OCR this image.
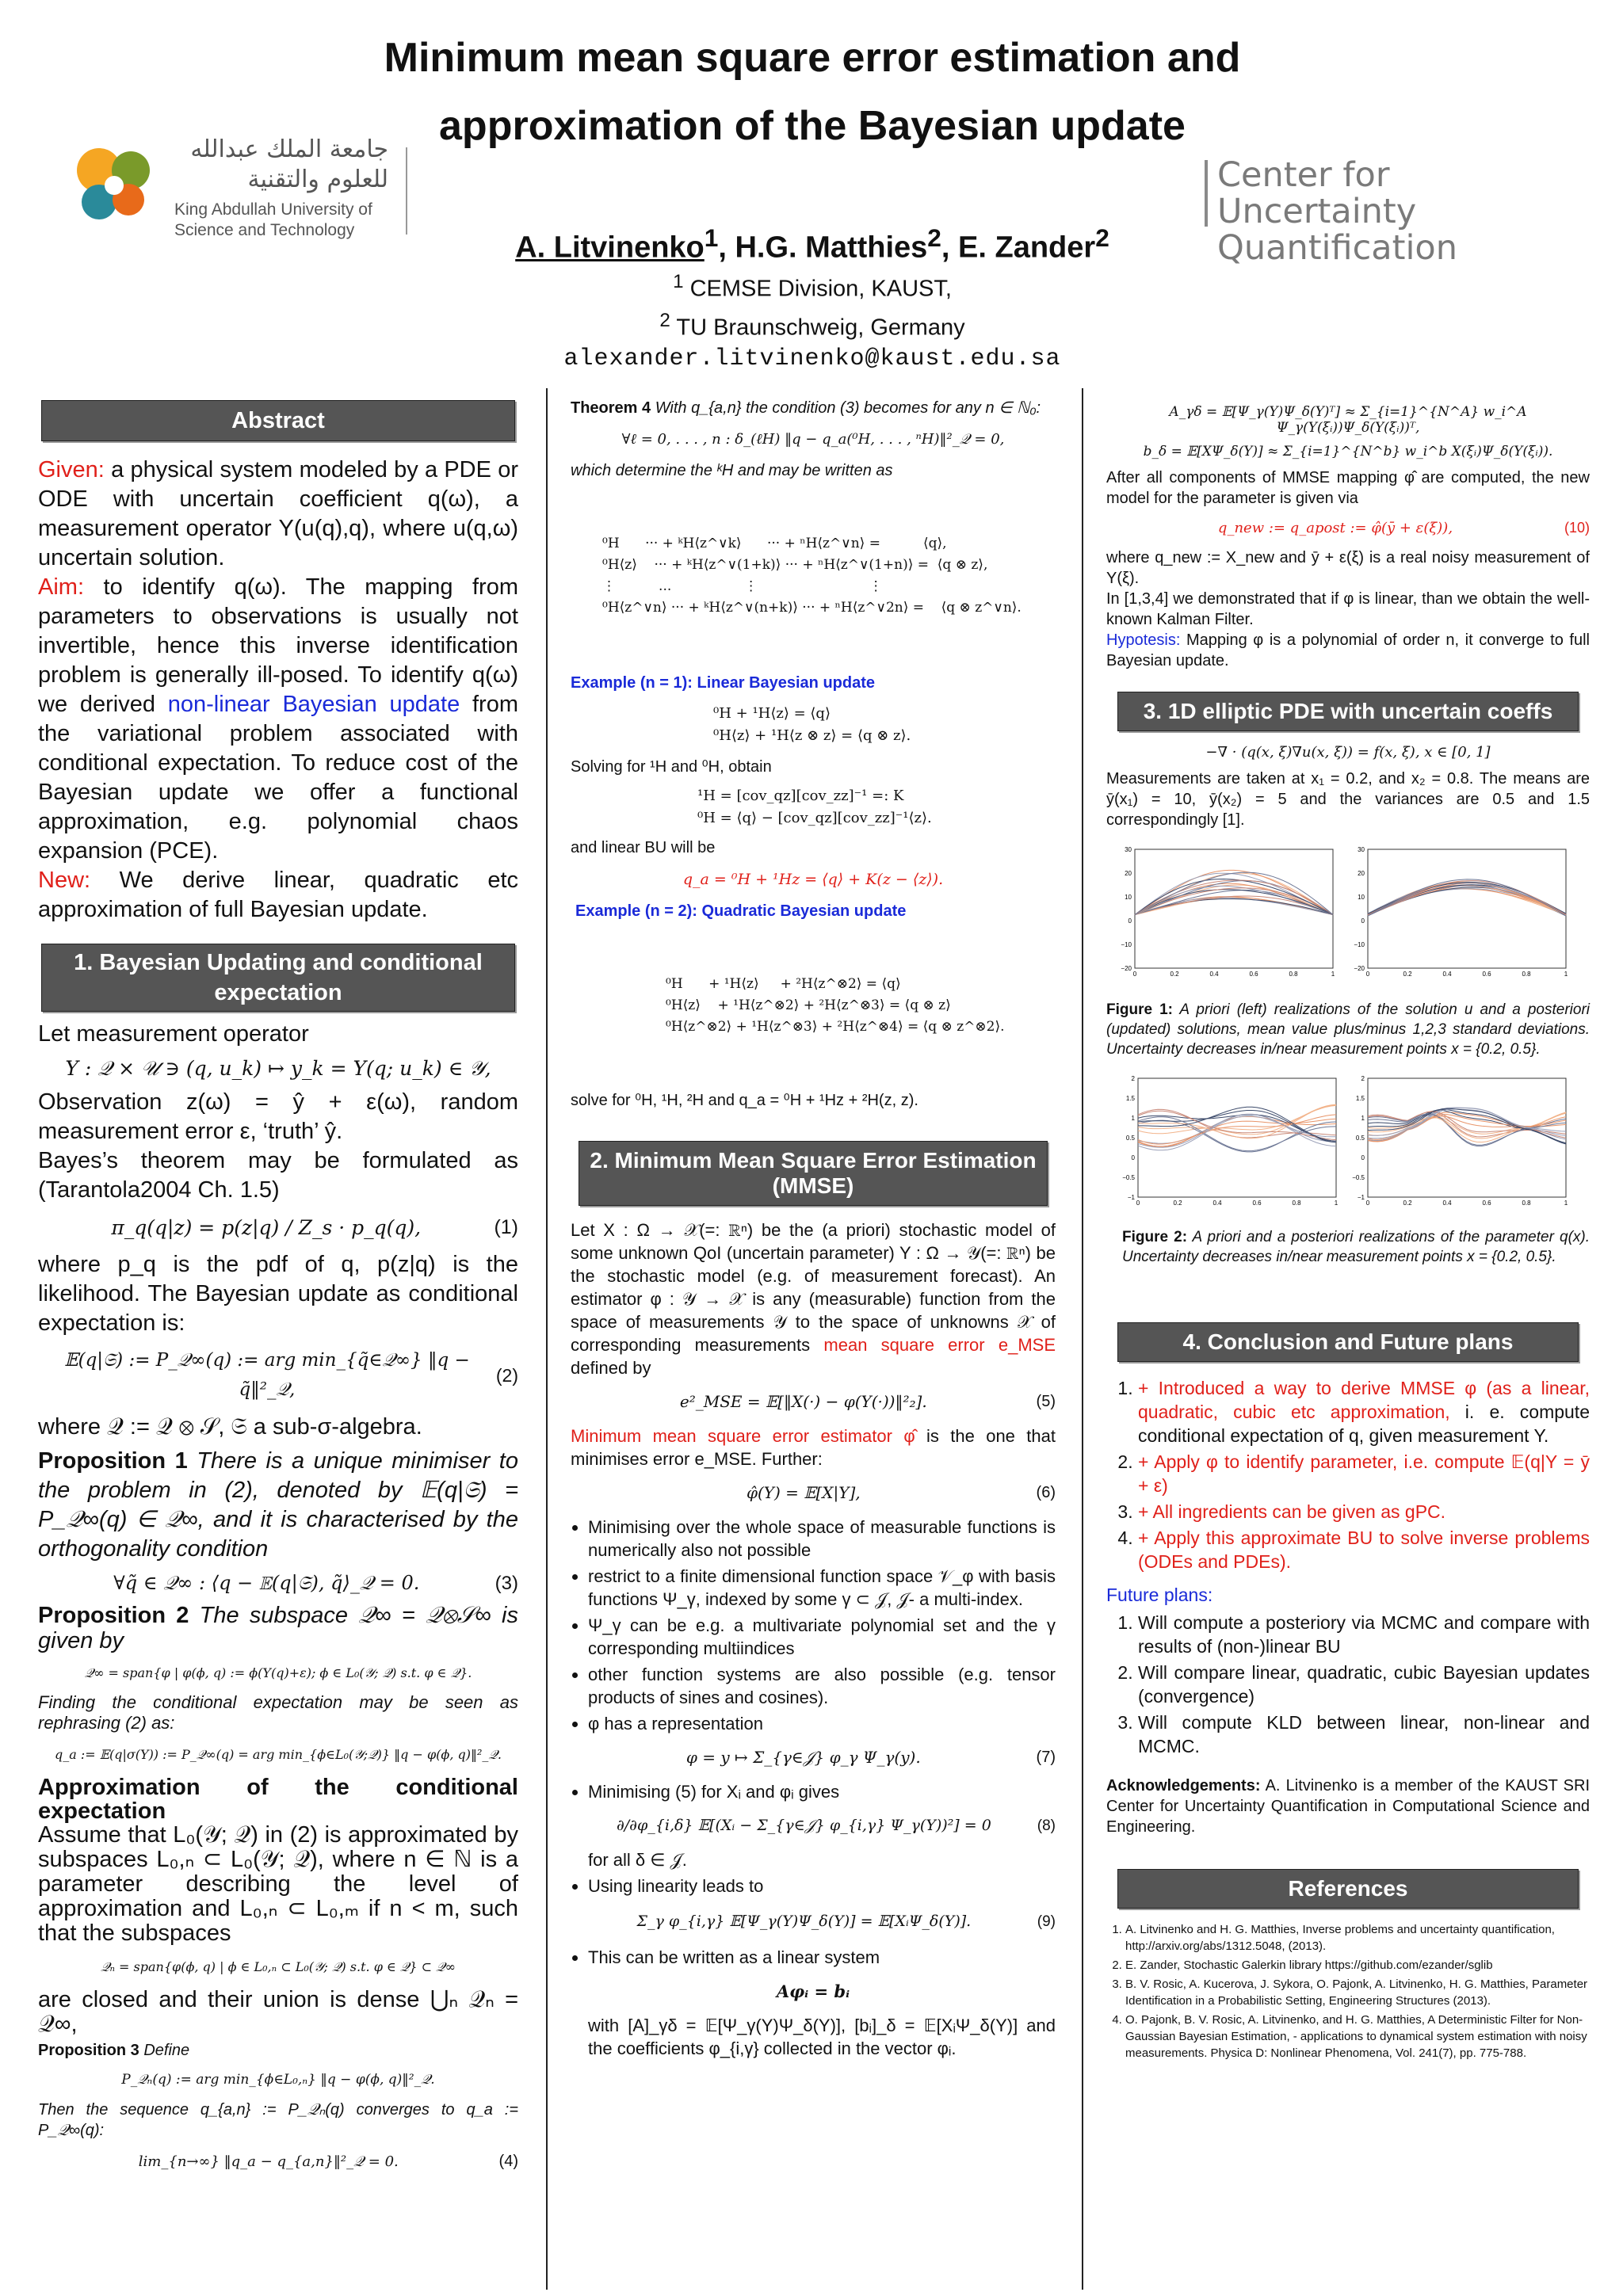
Minimum mean square error estimation and approximation of the Bayesian update
A. Litvinenko$^1$, H.G. Matthies$^2$, E. Zander$^2$
$^1$ CEMSE Division, KAUST,
$^2$ TU Braunschweig, Germany
alexander.litvinenko@kaust.edu.sa
جامعة الملك عبدالله للعلوم والتقنية
King Abdullah University of
Science and Technology
Center for Uncertainty
Quantification
Abstract
Given: a physical system modeled by a PDE or ODE with uncertain coefficient q(ω), a measurement operator Y(u(q),q), where u(q,ω) uncertain solution.
Aim: to identify q(ω). The mapping from parameters to observations is usually not invertible, hence this inverse identification problem is generally ill-posed. To identify q(ω) we derived non-linear Bayesian update from the variational problem associated with conditional expectation. To reduce cost of the Bayesian update we offer a functional approximation, e.g. polynomial chaos expansion (PCE).
New: We derive linear, quadratic etc approximation of full Bayesian update.
1. Bayesian Updating and conditional expectation
Let measurement operator
Y : 𝒬 × 𝒰 ∋ (q, u_k) ↦ y_k = Y(q; u_k) ∈ 𝒴,
Observation z(ω) = ŷ + ε(ω), random measurement error ε, ‘truth’ ŷ.
Bayes’s theorem may be formulated as (Tarantola2004 Ch. 1.5)
π_q(q|z) = p(z|q) / Z_s · p_q(q),	(1)
where p_q is the pdf of q, p(z|q) is the likelihood. The Bayesian update as conditional expectation is:
𝔼(q|𝔖) := P_𝒬∞(q) := arg min_{q̃∈𝒬∞} ‖q − q̃‖²_𝒬,
(2)
where 𝒬 := 𝒬 ⊗ 𝒮, 𝔖 a sub-σ-algebra.
Proposition 1 There is a unique minimiser to the problem in (2), denoted by 𝔼(q|𝔖) = P_𝒬∞(q) ∈ 𝒬∞, and it is characterised by the orthogonality condition
∀q̃ ∈ 𝒬∞ : ⟨q − 𝔼(q|𝔖), q̃⟩_𝒬 = 0.	(3)
Proposition 2 The subspace 𝒬∞ = 𝒬⊗𝒮∞ is given by
𝒬∞ = span{φ | φ(ϕ, q) := ϕ(Y(q)+ε); ϕ ∈ L₀(𝒴; 𝒬) s.t. φ ∈ 𝒬}.
Finding the conditional expectation may be seen as rephrasing (2) as:
q_a := 𝔼(q|σ(Y)) := P_𝒬∞(q) = arg min_{ϕ∈L₀(𝒴;𝒬)} ‖q − φ(ϕ, q)‖²_𝒬.
Approximation of the conditional expectation
Assume that L₀(𝒴; 𝒬) in (2) is approximated by subspaces L₀,ₙ ⊂ L₀(𝒴; 𝒬), where n ∈ ℕ is a parameter describing the level of approximation and L₀,ₙ ⊂ L₀,ₘ if n < m, such that the subspaces
𝒬ₙ = span{φ(ϕ, q) | ϕ ∈ L₀,ₙ ⊂ L₀(𝒴; 𝒬) s.t. φ ∈ 𝒬} ⊂ 𝒬∞
are closed and their union is dense ⋃ₙ 𝒬ₙ = 𝒬∞,
Proposition 3 Define
P_𝒬ₙ(q) := arg min_{ϕ∈L₀,ₙ} ‖q − φ(ϕ, q)‖²_𝒬.
Then the sequence q_{a,n} := P_𝒬ₙ(q) converges to q_a := P_𝒬∞(q):
lim_{n→∞} ‖q_a − q_{a,n}‖²_𝒬 = 0.	(4)
Theorem 4 With q_{a,n} the condition (3) becomes for any n ∈ ℕ₀:
∀ℓ = 0, . . . , n : δ_(ℓH) ‖q − q_a(⁰H, . . . , ⁿH)‖²_𝒬 = 0,
which determine the ᵏH and may be written as

⁰H      ··· + ᵏH⟨z^∨k⟩      ··· + ⁿH⟨z^∨n⟩ =          ⟨q⟩,
⁰H⟨z⟩    ··· + ᵏH⟨z^∨(1+k)⟩ ··· + ⁿH⟨z^∨(1+n)⟩ =  ⟨q ⊗ z⟩,
⋮          ...                 ⋮                          ⋮
⁰H⟨z^∨n⟩ ··· + ᵏH⟨z^∨(n+k)⟩ ··· + ⁿH⟨z^∨2n⟩ =    ⟨q ⊗ z^∨n⟩.

Example (n = 1): Linear Bayesian update
⁰H + ¹H⟨z⟩ = ⟨q⟩
⁰H⟨z⟩ + ¹H⟨z ⊗ z⟩ = ⟨q ⊗ z⟩.
Solving for ¹H and ⁰H, obtain
¹H = [cov_qz][cov_zz]⁻¹ =: K
⁰H = ⟨q⟩ − [cov_qz][cov_zz]⁻¹⟨z⟩.
and linear BU will be
q_a = ⁰H + ¹Hz = ⟨q⟩ + K(z − ⟨z⟩).
Example (n = 2): Quadratic Bayesian update

⁰H      + ¹H⟨z⟩     + ²H⟨z^⊗2⟩ = ⟨q⟩
⁰H⟨z⟩    + ¹H⟨z^⊗2⟩ + ²H⟨z^⊗3⟩ = ⟨q ⊗ z⟩
⁰H⟨z^⊗2⟩ + ¹H⟨z^⊗3⟩ + ²H⟨z^⊗4⟩ = ⟨q ⊗ z^⊗2⟩.

solve for ⁰H, ¹H, ²H and q_a = ⁰H + ¹Hz + ²H(z, z).
2. Minimum Mean Square Error Estimation (MMSE)
Let X : Ω → 𝒳(=: ℝⁿ) be the (a priori) stochastic model of some unknown QoI (uncertain parameter) Y : Ω → 𝒴(=: ℝⁿ) be the stochastic model (e.g. of measurement forecast). An estimator φ : 𝒴 → 𝒳 is any (measurable) function from the space of measurements 𝒴 to the space of unknowns 𝒳 of corresponding measurements mean square error e_MSE defined by
e²_MSE = 𝔼[‖X(·) − φ(Y(·))‖²₂].	(5)
Minimum mean square error estimator φ̂ is the one that minimises error e_MSE. Further:
φ̂(Y) = 𝔼[X|Y],	(6)
• Minimising over the whole space of measurable functions is numerically also not possible
• restrict to a finite dimensional function space 𝒱_φ with basis functions Ψ_γ, indexed by some γ ⊂ 𝒥, 𝒥- a multi-index.
• Ψ_γ can be e.g. a multivariate polynomial set and the γ corresponding multiindices
• other function systems are also possible (e.g. tensor products of sines and cosines).
• φ has a representation
φ = y ↦ Σ_{γ∈𝒥} φ_γ Ψ_γ(y).	(7)
• Minimising (5) for Xᵢ and φᵢ gives
∂/∂φ_{i,δ} 𝔼[(Xᵢ − Σ_{γ∈𝒥} φ_{i,γ} Ψ_γ(Y))²] = 0	(8)
for all δ ∈ 𝒥.
• Using linearity leads to
Σ_γ φ_{i,γ} 𝔼[Ψ_γ(Y)Ψ_δ(Y)] = 𝔼[XᵢΨ_δ(Y)].	(9)
• This can be written as a linear system
Aφᵢ = bᵢ
with [A]_γδ = 𝔼[Ψ_γ(Y)Ψ_δ(Y)], [bᵢ]_δ = 𝔼[XᵢΨ_δ(Y)] and the coefficients φ_{i,γ} collected in the vector φᵢ.
A_γδ = 𝔼[Ψ_γ(Y)Ψ_δ(Y)ᵀ] ≈ Σ_{i=1}^{N^A} w_i^A Ψ_γ(Y(ξᵢ))Ψ_δ(Y(ξᵢ))ᵀ,
b_δ = 𝔼[XΨ_δ(Y)] ≈ Σ_{i=1}^{N^b} w_i^b X(ξᵢ)Ψ_δ(Y(ξᵢ)).
After all components of MMSE mapping φ̂ are computed, the new model for the parameter is given via
q_new := q_apost := φ̂(ȳ + ε(ξ)),	(10)
where q_new := X_new and ȳ + ε(ξ) is a real noisy measurement of Y(ξ).
In [1,3,4] we demonstrated that if φ is linear, than we obtain the well-known Kalman Filter.
Hypotesis: Mapping φ is a polynomial of order n, it converge to full Bayesian update.
3. 1D elliptic PDE with uncertain coeffs
−∇ · (q(x, ξ)∇u(x, ξ)) = f(x, ξ), x ∈ [0, 1]
Measurements are taken at x₁ = 0.2, and x₂ = 0.8. The means are ȳ(x₁) = 10, ȳ(x₂) = 5 and the variances are 0.5 and 1.5 correspondingly [1].
30
20
10
0
−10
−20
0	0.2	0.4	0.6	0.8	1
30
20
10
0
−10
−20
0	0.2	0.4	0.6	0.8	1
Figure 1: A priori (left) realizations of the solution u and a posteriori (updated) solutions, mean value plus/minus 1,2,3 standard deviations. Uncertainty decreases in/near measurement points x = {0.2, 0.5}.
2
1.5
1
0.5
0
−0.5
−1
0	0.2	0.4	0.6	0.8	1
2
1.5
1
0.5
0
−0.5
−1
0	0.2	0.4	0.6	0.8	1
Figure 2: A priori and a posteriori realizations of the parameter q(x). Uncertainty decreases in/near measurement points x = {0.2, 0.5}.
4. Conclusion and Future plans
1. + Introduced a way to derive MMSE φ (as a linear, quadratic, cubic etc approximation, i. e. compute conditional expectation of q, given measurement Y.
2. + Apply φ to identify parameter, i.e. compute 𝔼(q|Y = ȳ + ε)
3. + All ingredients can be given as gPC.
4. + Apply this approximate BU to solve inverse problems (ODEs and PDEs).
Future plans:
1. Will compute a posteriory via MCMC and compare with results of (non-)linear BU
2. Will compare linear, quadratic, cubic Bayesian updates (convergence)
3. Will compute KLD between linear, non-linear and MCMC.
Acknowledgements: A. Litvinenko is a member of the KAUST SRI Center for Uncertainty Quantification in Computational Science and Engineering.
References
1. A. Litvinenko and H. G. Matthies, Inverse problems and uncertainty quantification, http://arxiv.org/abs/1312.5048, (2013).
2. E. Zander, Stochastic Galerkin library https://github.com/ezander/sglib
3. B. V. Rosic, A. Kucerova, J. Sykora, O. Pajonk, A. Litvinenko, H. G. Matthies, Parameter Identification in a Probabilistic Setting, Engineering Structures (2013).
4. O. Pajonk, B. V. Rosic, A. Litvinenko, and H. G. Matthies, A Deterministic Filter for Non-Gaussian Bayesian Estimation, - applications to dynamical system estimation with noisy measurements. Physica D: Nonlinear Phenomena, Vol. 241(7), pp. 775-788.
